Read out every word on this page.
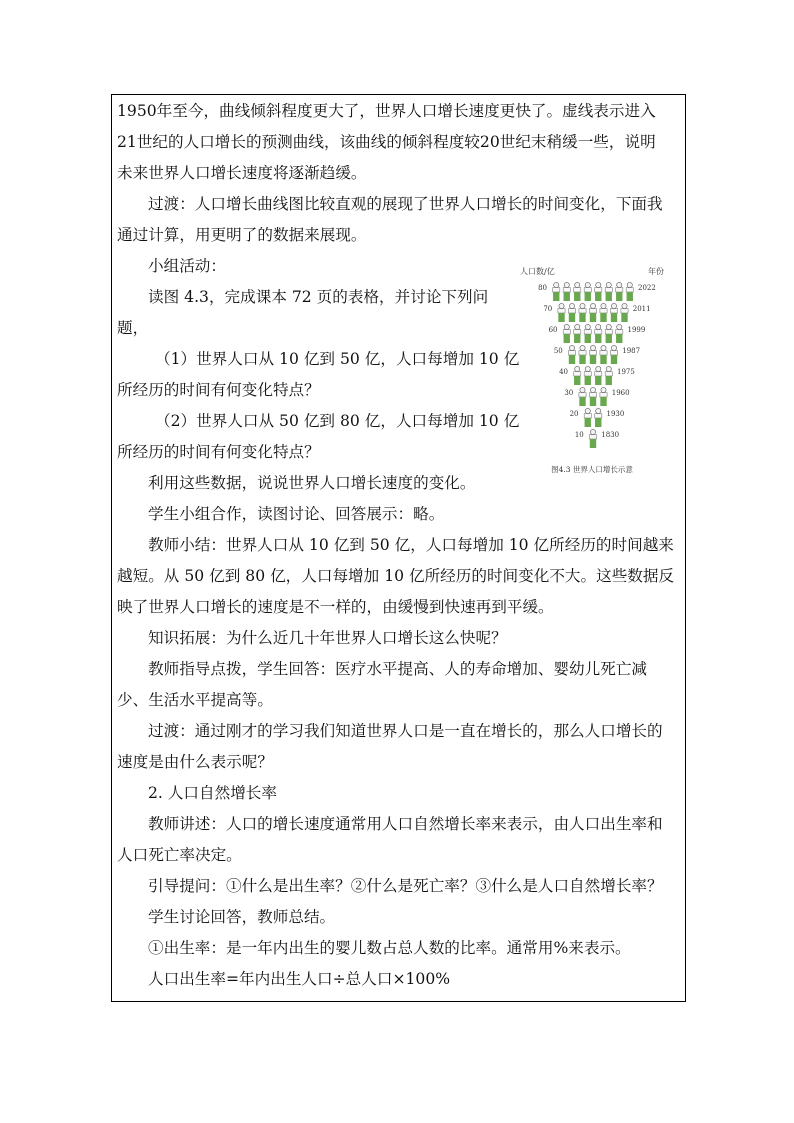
1950年至今，曲线倾斜程度更大了，世界人口增长速度更快了。虚线表示进入
21世纪的人口增长的预测曲线，该曲线的倾斜程度较20世纪末稍缓一些，说明
未来世界人口增长速度将逐渐趋缓。
过渡：人口增长曲线图比较直观的展现了世界人口增长的时间变化，下面我
通过计算，用更明了的数据来展现。
小组活动：
读图 4.3，完成课本 72 页的表格，并讨论下列问
题，
（1）世界人口从 10 亿到 50 亿，人口每增加 10 亿
所经历的时间有何变化特点？
（2）世界人口从 50 亿到 80 亿，人口每增加 10 亿
所经历的时间有何变化特点？
利用这些数据，说说世界人口增长速度的变化。
学生小组合作，读图讨论、回答展示：略。
教师小结：世界人口从 10 亿到 50 亿，人口每增加 10 亿所经历的时间越来
越短。从 50 亿到 80 亿，人口每增加 10 亿所经历的时间变化不大。这些数据反
映了世界人口增长的速度是不一样的，由缓慢到快速再到平缓。
知识拓展：为什么近几十年世界人口增长这么快呢？
教师指导点拨，学生回答：医疗水平提高、人的寿命增加、婴幼儿死亡减
少、生活水平提高等。
过渡：通过刚才的学习我们知道世界人口是一直在增长的，那么人口增长的
速度是由什么表示呢？
2. 人口自然增长率
教师讲述：人口的增长速度通常用人口自然增长率来表示，由人口出生率和
人口死亡率决定。
引导提问：①什么是出生率？②什么是死亡率？③什么是人口自然增长率？
学生讨论回答，教师总结。
①出生率：是一年内出生的婴儿数占总人数的比率。通常用%来表示。
人口出生率=年内出生人口÷总人口×100%
人口数/亿	年份
80	2022
70	2011
60	1999
50	1987
40	1975
30	1960
20	1930
10	1830
图4.3 世界人口增长示意
